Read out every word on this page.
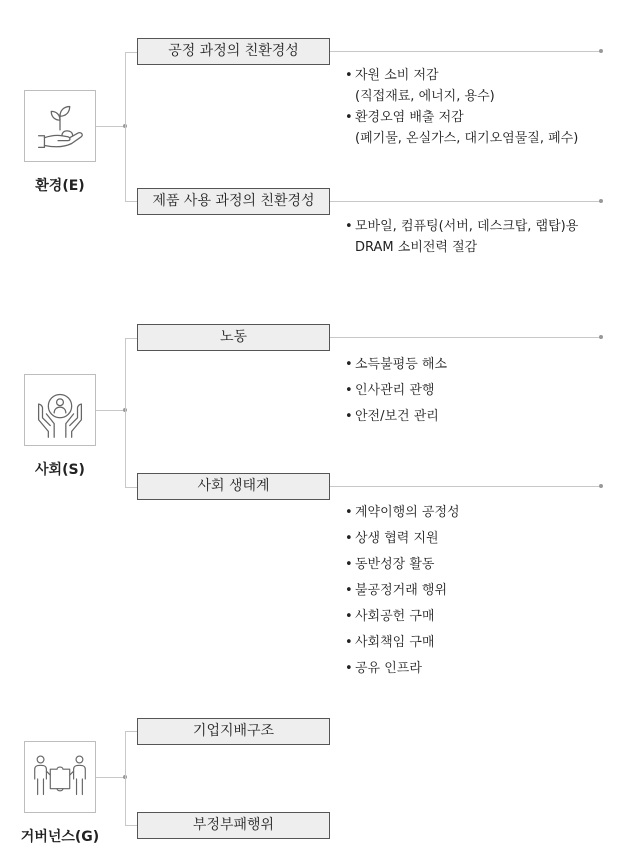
환경(E)
공정 과정의 친환경성
• 자원 소비 저감
(직접재료, 에너지, 용수)
• 환경오염 배출 저감
(폐기물, 온실가스, 대기오염물질, 폐수)
제품 사용 과정의 친환경성
• 모바일, 컴퓨팅(서버, 데스크탑, 랩탑)용
DRAM 소비전력 절감
사회(S)
노동
• 소득불평등 해소
• 인사관리 관행
• 안전/보건 관리
사회 생태계
• 계약이행의 공정성
• 상생 협력 지원
• 동반성장 활동
• 불공정거래 행위
• 사회공헌 구매
• 사회책임 구매
• 공유 인프라
거버넌스(G)
기업지배구조
부정부패행위
